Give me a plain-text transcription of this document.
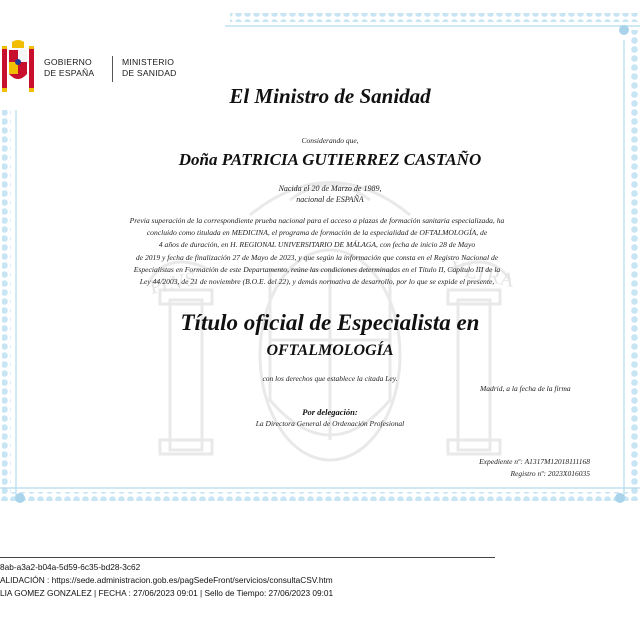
PLVS	VLTRA
GOBIERNO
DE ESPAÑA
MINISTERIO
DE SANIDAD
El Ministro de Sanidad
Considerando que,
Doña PATRICIA GUTIERREZ CASTAÑO
Nacida el 20 de Marzo de 1989,
nacional de ESPAÑA
Previa superación de la correspondiente prueba nacional para el acceso a plazas de formación sanitaria especializada, ha
concluido como titulada en MEDICINA, el programa de formación de la especialidad de OFTALMOLOGÍA, de
4 años de duración, en H. REGIONAL UNIVERSITARIO DE MÁLAGA, con fecha de inicio 28 de Mayo
de 2019 y fecha de finalización 27 de Mayo de 2023, y que según la información que consta en el Registro Nacional de
Especialistas en Formación de este Departamento, reúne las condiciones determinadas en el Título II, Capítulo III de la
Ley 44/2003, de 21 de noviembre (B.O.E. del 22), y demás normativa de desarrollo, por lo que se expide el presente,
Título oficial de Especialista en
OFTALMOLOGÍA
con los derechos que establece la citada Ley.
Madrid, a la fecha de la firma
Por delegación:
La Directora General de Ordenación Profesional
Expediente nº: A1317M12018111168
Registro nº: 2023X016035
8ab-a3a2-b04a-5d59-6c35-bd28-3c62
ALIDACIÓN : https://sede.administracion.gob.es/pagSedeFront/servicios/consultaCSV.htm
LIA GOMEZ GONZALEZ | FECHA : 27/06/2023 09:01 | Sello de Tiempo: 27/06/2023 09:01
